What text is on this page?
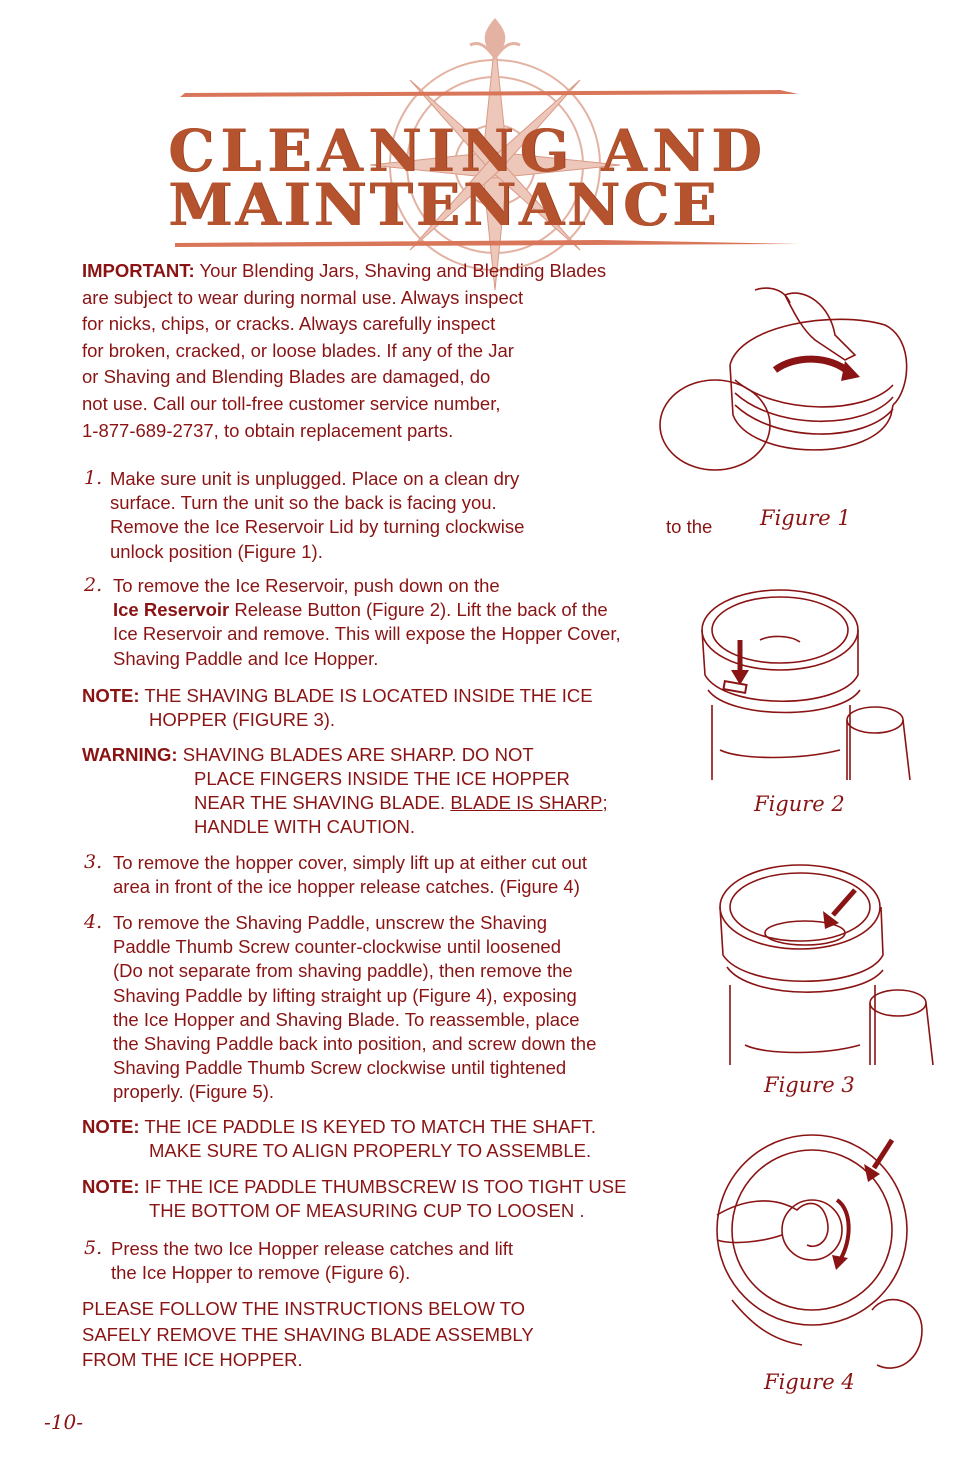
CLEANING AND
MAINTENANCE
IMPORTANT: Your Blending Jars, Shaving and Blending Blades
are subject to wear during normal use. Always inspect
for nicks, chips, or cracks. Always carefully inspect
for broken, cracked, or loose blades. If any of the Jar
or Shaving and Blending Blades are damaged, do
not use. Call our toll-free customer service number,
1-877-689-2737, to obtain replacement parts.
1. Make sure unit is unplugged. Place on a clean dry
surface. Turn the unit so the back is facing you.
Remove the Ice Reservoir Lid by turning clockwise
unlock position (Figure 1).
to the
2. To remove the Ice Reservoir, push down on the
Ice Reservoir Release Button (Figure 2). Lift the back of the
Ice Reservoir and remove. This will expose the Hopper Cover,
Shaving Paddle and Ice Hopper.
NOTE: THE SHAVING BLADE IS LOCATED INSIDE THE ICE
HOPPER (FIGURE 3).
WARNING: SHAVING BLADES ARE SHARP. DO NOT
PLACE FINGERS INSIDE THE ICE HOPPER
NEAR THE SHAVING BLADE. BLADE IS SHARP;
HANDLE WITH CAUTION.
3. To remove the hopper cover, simply lift up at either cut out
area in front of the ice hopper release catches. (Figure 4)
4. To remove the Shaving Paddle, unscrew the Shaving
Paddle Thumb Screw counter-clockwise until loosened
(Do not separate from shaving paddle), then remove the
Shaving Paddle by lifting straight up (Figure 4), exposing
the Ice Hopper and Shaving Blade. To reassemble, place
the Shaving Paddle back into position, and screw down the
Shaving Paddle Thumb Screw clockwise until tightened
properly. (Figure 5).
NOTE: THE ICE PADDLE IS KEYED TO MATCH THE SHAFT.
MAKE SURE TO ALIGN PROPERLY TO ASSEMBLE.
NOTE: IF THE ICE PADDLE THUMBSCREW IS TOO TIGHT USE
THE BOTTOM OF MEASURING CUP TO LOOSEN .
5. Press the two Ice Hopper release catches and lift
the Ice Hopper to remove (Figure 6).
PLEASE FOLLOW THE INSTRUCTIONS BELOW TO
SAFELY REMOVE THE SHAVING BLADE ASSEMBLY
FROM THE ICE HOPPER.
Figure 1
Figure 2
Figure 3
Figure 4
-10-
